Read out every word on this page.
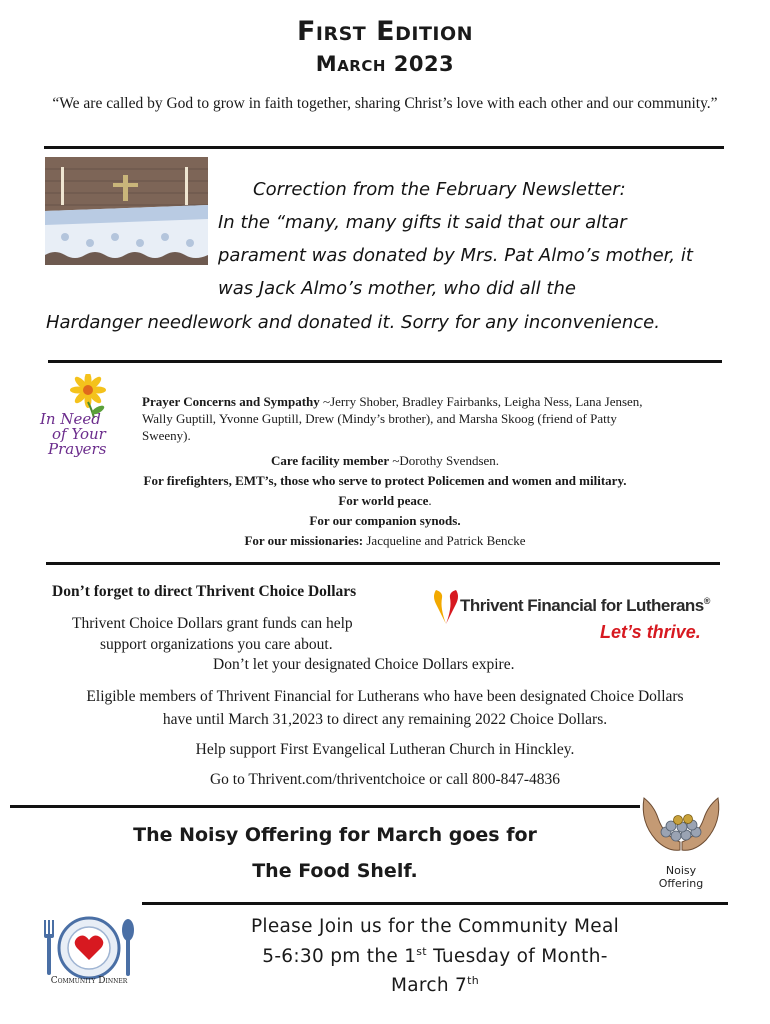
First Edition
March 2023
“We are called by God to grow in faith together, sharing Christ’s love with each other and our community.”
Correction from the February Newsletter:
In the “many, many gifts it said that our altar
parament was donated by Mrs. Pat Almo’s mother, it
was Jack Almo’s mother, who did all the
Hardanger needlework and donated it. Sorry for any inconvenience.
In Need
of Your
Prayers
Prayer Concerns and Sympathy ~Jerry Shober, Bradley Fairbanks, Leigha Ness, Lana Jensen,
Wally Guptill, Yvonne Guptill, Drew (Mindy’s brother), and Marsha Skoog (friend of Patty
Sweeny).
Care facility member ~Dorothy Svendsen.
For firefighters, EMT’s, those who serve to protect Policemen and women and military.
For world peace.
For our companion synods.
For our missionaries: Jacqueline and Patrick Bencke
Don’t forget to direct Thrivent Choice Dollars
Thrivent Choice Dollars grant funds can help
support organizations you care about.
Don’t let your designated Choice Dollars expire.
Thrivent Financial for Lutherans®
Let’s thrive.
Eligible members of Thrivent Financial for Lutherans who have been designated Choice Dollars
have until March 31,2023 to direct any remaining 2022 Choice Dollars.
Help support First Evangelical Lutheran Church in Hinckley.
Go to Thrivent.com/thriventchoice or call 800-847-4836
The Noisy Offering for March goes for
The Food Shelf.	Noisy
Offering
Community Dinner
Please Join us for the Community Meal
5-6:30 pm the 1st Tuesday of Month-
March 7th
